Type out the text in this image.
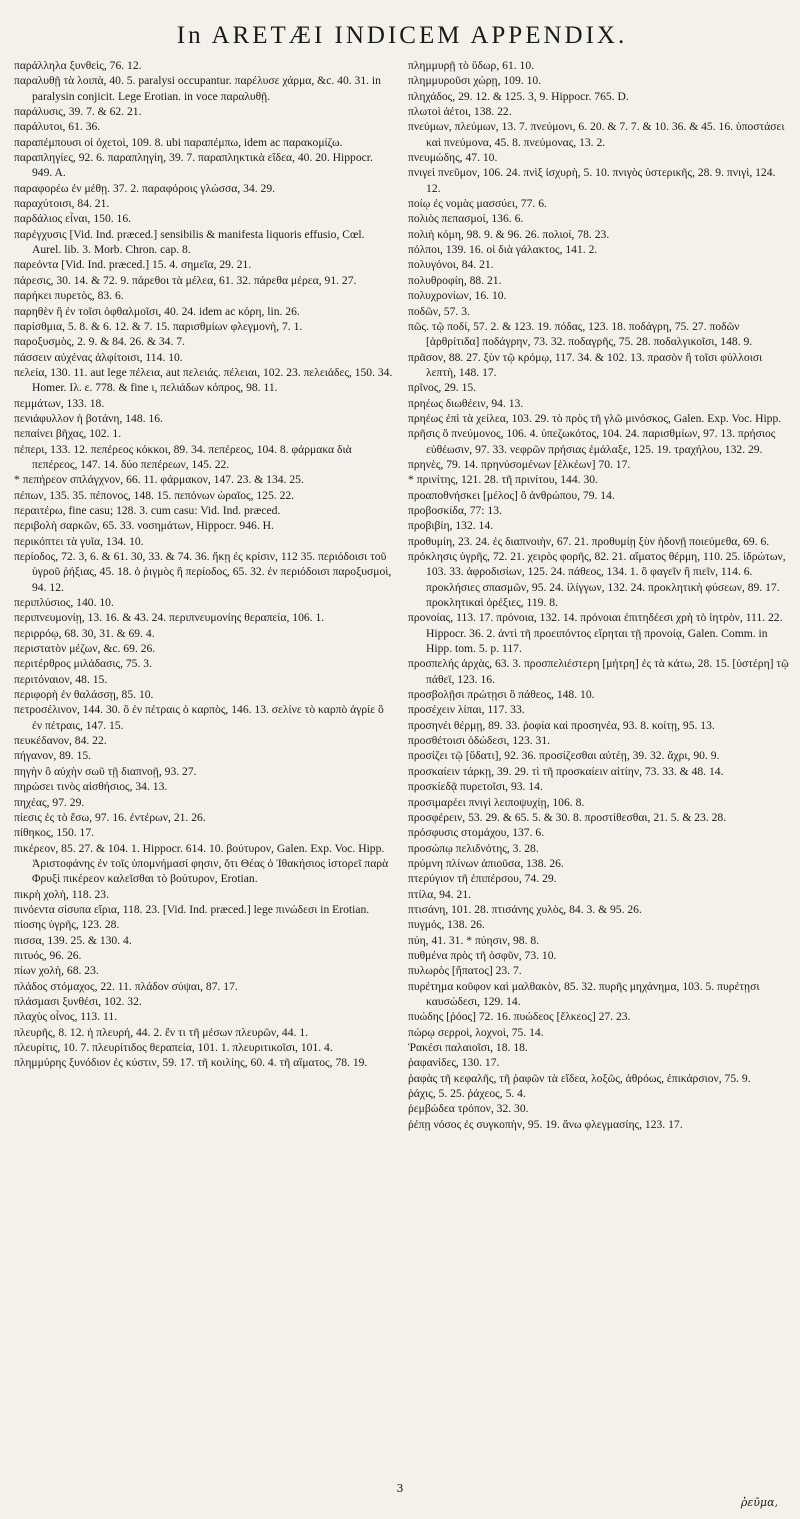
In ARETÆI INDICEM APPENDIX.

παράλληλα ξυνθεὶς, 76. 12.

παραλυθῇ τὰ λοιπὰ, 40. 5. paralysi occupantur. παρέλυσε χάρμα, &c. 40. 31. in paralysin conjicit. Lege Erotian. in voce παραλυθῇ.

παράλυσις, 39. 7. & 62. 21.

παράλυτοι, 61. 36.

παραπέμπουσι οἱ ὀχετοὶ, 109. 8. ubi παραπέμπω, idem ac παρακομίζω.

παραπληγίες, 92. 6. παραπληγίη, 39. 7. παραπληκτικὰ εἴδεα, 40. 20. Hippocr. 949. A.

παραφορέω ἐν μέθῃ. 37. 2. παραφόροις γλώσσα, 34. 29.

παραχύτοισι, 84. 21.

παρδάλιος εἶναι, 150. 16.

παρέγχυσις [Vid. Ind. præced.] sensibilis & manifesta liquoris effusio, Cœl. Aurel. lib. 3. Morb. Chron. cap. 8.

παρεόντα [Vid. Ind. præced.] 15. 4. σημεῖα, 29. 21.

πάρεσις, 30. 14. & 72. 9. πάρεθοι τὰ μέλεα, 61. 32. πάρεθα μέρεα, 91. 27.

παρήκει πυρετὸς, 83. 6.

παρηθὲν ἢ ἐν τοῖσι ὀφθαλμοῖσι, 40. 24. idem ac κόρη, lin. 26.

παρίσθμια, 5. 8. & 6. 12. & 7. 15. παρισθμίων φλεγμονὴ, 7. 1.

παροξυσμὸς, 2. 9. & 84. 26. & 34. 7.

πάσσειν αὐχένας ἀλφίτοισι, 114. 10.

πελεία, 130. 11. aut lege πέλεια, aut πελειάς. πέλειαι, 102. 23. πελειάδες, 150. 34. Homer. Ιλ. ε. 778. & fine ι, πελιάδων κόπρος, 98. 11.

πεμμάτων, 133. 18.

πενιάφυλλον ἡ βοτάνη, 148. 16.

πεπαίνει βῆχας, 102. 1.

πέπερι, 133. 12. πεπέρεος κόκκοι, 89. 34. πεπέρεος, 104. 8. φάρμακα διὰ πεπέρεος, 147. 14. δύο πεπέρεων, 145. 22.

* πεπήρεον σπλάγχνον, 66. 11. φάρμακον, 147. 23. & 134. 25.

πέπων, 135. 35. πέπονος, 148. 15. πεπόνων ὡραῖος, 125. 22.

περαιτέρω, fine casu; 128. 3. cum casu: Vid. Ind. præced.

περιβολὴ σαρκῶν, 65. 33. νοσημάτων, Hippocr. 946. H.

περικόπτει τὰ γυῖα, 134. 10.

περίοδος, 72. 3, 6. & 61. 30, 33. & 74. 36. ἥκῃ ἐς κρίσιν, 112 35. περιόδοισι τοῦ ὑγροῦ ῥήξιας, 45. 18. ὁ ῥιγμὸς ἢ περίοδος, 65. 32. ἐν περιόδοισι παροξυσμοὶ, 94. 12.

περιπλύσιος, 140. 10.

περιπνευμονίῃ, 13. 16. & 43. 24. περιπνευμονίης θεραπεία, 106. 1.

περιρρόῳ, 68. 30, 31. & 69. 4.

περιστατὸν μέζων, &c. 69. 26.

περιτέρθρος μιλάδασις, 75. 3.

περιτόναιον, 48. 15.

περιφορὴ ἐν θαλάσσῃ, 85. 10.

πετροσέλινον, 144. 30. ὃ ἐν πέτραις ὁ καρπὸς, 146. 13. σελίνε τὸ καρπὸ ἀγρίε ὃ ἐν πέτραις, 147. 15.

πευκέδανον, 84. 22.

πήγανον, 89. 15.

πηγὴν ὃ αὐχὴν σωῦ τῇ διαπνοῇ, 93. 27.

πηρώσει τινὸς αἰσθήσιος, 34. 13.

πηχέας, 97. 29.

πίεσις ἐς τὸ ἔσω, 97. 16. ἐντέρων, 21. 26.

πίθηκος, 150. 17.

πικέρεον, 85. 27. & 104. 1. Hippocr. 614. 10. βούτυρον, Galen. Exp. Voc. Hipp. Ἀριστοφάνης ἐν τοῖς ὑπομνήμασί φησιν, ὅτι Θέας ὁ Ἰθακήσιος ἱστορεῖ παρὰ Φρυξὶ πικέρεον καλεῖσθαι τὸ βούτυρον, Erotian.

πικρὴ χολὴ, 118. 23.

πινόεντα σίσυπα εἴρια, 118. 23. [Vid. Ind. præced.] lege πινώδεσι in Erotian.

πίοσης ὑγρῆς, 123. 28.

πισσα, 139. 25. & 130. 4.

πιτυός, 96. 26.

πίων χολὴ, 68. 23.

πλάδος στόμαχος, 22. 11. πλάδον σύψαι, 87. 17.

πλάσμασι ξυνθέσι, 102. 32.

πλαχὺς οἶνος, 113. 11.

πλευρῆς, 8. 12. ἡ πλευρή, 44. 2. ἔν τι τῆ μέσων πλευρῶν, 44. 1.

πλευρίτις, 10. 7. πλευρίτιδος θεραπεία, 101. 1. πλευριτικοῖσι, 101. 4.

πλημμύρης ξυνόδιον ἐς κύστιν, 59. 17. τῆ κοιλίης, 60. 4. τῆ αἵματος, 78. 19.

πλημμυρῇ τὸ ὕδωρ, 61. 10.

πλημμυροῦσι χώρῃ, 109. 10.

πληχάδος, 29. 12. & 125. 3, 9. Hippocr. 765. D.

πλωτοὶ ἀέτοι, 138. 22.

πνεύμων, πλεύμων, 13. 7. πνεύμονι, 6. 20. & 7. 7. & 10. 36. & 45. 16. ὑποστάσει καὶ πνεύμονα, 45. 8. πνεύμονας, 13. 2.

πνευμώδης, 47. 10.

πνιγεὶ πνεῦμον, 106. 24. πνὶξ ἰσχυρὴ, 5. 10. πνιγὸς ὑστερικῆς, 28. 9. πνιγὶ, 124. 12.

ποίῳ ἐς νομὰς μασσύει, 77. 6.

πολιὸς πεπασμοί, 136. 6.

πολιὴ κόμη, 98. 9. & 96. 26. πολιοί, 78. 23.

πόλποι, 139. 16. οἱ διὰ γάλακτος, 141. 2.

πολυγόνοι, 84. 21.

πολυθροφίη, 88. 21.

πολυχρονίων, 16. 10.

ποδῶν, 57. 3.

πῶς. τῷ ποδί, 57. 2. & 123. 19. πόδας, 123. 18. ποδάγρη, 75. 27. ποδῶν [ἀρθρίτιδα] ποδάγρην, 73. 32. ποδαγρῆς, 75. 28. ποδαλγικοῖσι, 148. 9.

πρᾶσον, 88. 27. ξὺν τῷ κρόμῳ, 117. 34. & 102. 13. πρασὸν ἢ τοῖσι φύλλοισι λεπτὴ, 148. 17.

πρῖνος, 29. 15.

πρηέως διωθέειν, 94. 13.

πρηέως ἐπὶ τὰ χείλεα, 103. 29. τὸ πρὸς τῆ γλῶ μινόσκος, Galen. Exp. Voc. Hipp.

πρῆσις ὃ πνεύμονος, 106. 4. ὑπεζωκότος, 104. 24. παρισθμίων, 97. 13. πρήσιος εὐθέωσιν, 97. 33. νεφρῶν πρήσιας ἐμάλαξε, 125. 19. τραχήλου, 132. 29.

πρηνὲς, 79. 14. πρηνύσομένων [ἑλκέων] 70. 17.

* πρινίτης, 121. 28. τῆ πρινίτου, 144. 30.

προαποθνήσκει [μέλος] ὃ ἀνθρώπου, 79. 14.

προβοσκίδα, 77: 13.

προβιβίη, 132. 14.

προθυμίη, 23. 24. ἐς διαπνοιὴν, 67. 21. προθυμίῃ ξὺν ἡδονῇ ποιεύμεθα, 69. 6.

πρόκλησις ὑγρῆς, 72. 21. χειρὸς φορῆς, 82. 21. αἵματος θέρμη, 110. 25. ἱδρώτων, 103. 33. ἀφροδισίων, 125. 24. πάθεος, 134. 1. ὃ φαγεῖν ἢ πιεῖν, 114. 6. προκλήσιες σπασμῶν, 95. 24. ἰλίγγων, 132. 24. προκλητικὴ φύσεων, 89. 17. προκλητικαὶ ὀρέξιες, 119. 8.

προνοίας, 113. 17. πρόνοια, 132. 14. πρόνοιαι ἐπιτηδέεσι χρὴ τὸ ἰητρὸν, 111. 22. Hippocr. 36. 2. ἀντὶ τῆ προειπόντος εἴρηται τῇ προνοίᾳ, Galen. Comm. in Hipp. tom. 5. p. 117.

προσπελής ἀρχὰς, 63. 3. προσπελιέστερη [μήτρη] ἐς τὰ κάτω, 28. 15. [ὑστέρη] τῷ πάθεϊ, 123. 16.

προσβολῇσι πρώτῃσι ὃ πάθεος, 148. 10.

προσέχειν λίπαι, 117. 33.

προσηνέι θέρμῃ, 89. 33. ῥοφία καὶ προσηνέα, 93. 8. κοίτῃ, 95. 13.

προσθέτοισι ὀδώδεσι, 123. 31.

προσίζει τῷ [ὕδατι], 92. 36. προσίζεσθαι αὐτέῃ, 39. 32. ἄχρι, 90. 9.

προσκαίειν τάρκῃ, 39. 29. τὶ τῆ προσκαίειν αἰτίην, 73. 33. & 48. 14.

προσκίεδᾷ πυρετοῖσι, 93. 14.

προσιμαρέει πνιγὶ λειποψυχίῃ, 106. 8.

προσφέρειν, 53. 29. & 65. 5. & 30. 8. προστίθεσθαι, 21. 5. & 23. 28.

πρόσφυσις στομάχου, 137. 6.

προσώπῳ πελιδνότης, 3. 28.

πρύμνη πλίνων ἀπιοῦσα, 138. 26.

πτερύγιον τῆ ἐπιπέρσου, 74. 29.

πτίλα, 94. 21.

πτισάνη, 101. 28. πτισάνης χυλὸς, 84. 3. & 95. 26.

πυγμός, 138. 26.

πύη, 41. 31. * πύησιν, 98. 8.

πυθμένα πρὸς τῆ ὀσφῦν, 73. 10.

πυλωρὸς [ἥπατος] 23. 7.

πυρέτημα κοῦφον καὶ μαλθακὸν, 85. 32. πυρῆς μηχάνημα, 103. 5. πυρέτῃσι καυσώδεσι, 129. 14.

πυώδης [ῥόος] 72. 16. πυώδεος [ἕλκεος] 27. 23.

πώρῳ σερροὶ, λοχνοὶ, 75. 14.

Ῥακέσι παλαιοῖσι, 18. 18.

ῥαφανίδες, 130. 17.

ῥαφὰς τῆ κεφαλῆς, τῆ ῥαφῶν τὰ εἴδεα, λοξῶς, ἀθρόως, ἐπικάρσιον, 75. 9.

ῥάχις, 5. 25. ῥάχεος, 5. 4.

ῥεμβώδεα τρόπον, 32. 30.

ῥέπῃ νόσος ἐς συγκοπὴν, 95. 19. ἄνω φλεγμασίης, 123. 17.

3
ῥεῦμα,
